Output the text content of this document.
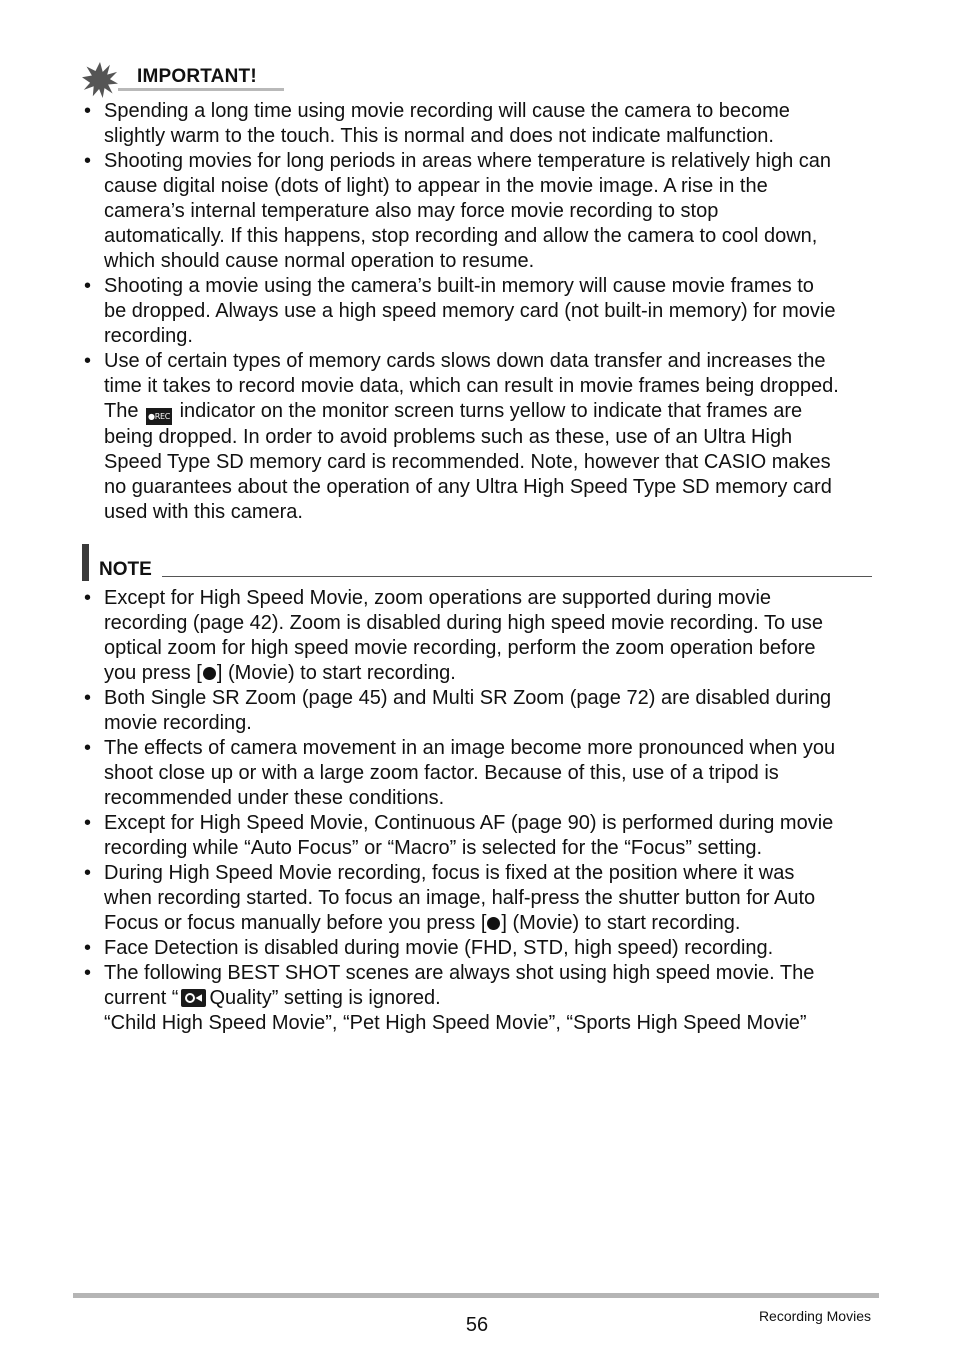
IMPORTANT!
• Spending a long time using movie recording will cause the camera to become
slightly warm to the touch. This is normal and does not indicate malfunction.
• Shooting movies for long periods in areas where temperature is relatively high can
cause digital noise (dots of light) to appear in the movie image. A rise in the
camera’s internal temperature also may force movie recording to stop
automatically. If this happens, stop recording and allow the camera to cool down,
which should cause normal operation to resume.
• Shooting a movie using the camera’s built-in memory will cause movie frames to
be dropped. Always use a high speed memory card (not built-in memory) for movie
recording.
• Use of certain types of memory cards slows down data transfer and increases the
time it takes to record movie data, which can result in movie frames being dropped.
The ●REC indicator on the monitor screen turns yellow to indicate that frames are
being dropped. In order to avoid problems such as these, use of an Ultra High
Speed Type SD memory card is recommended. Note, however that CASIO makes
no guarantees about the operation of any Ultra High Speed Type SD memory card
used with this camera.
NOTE
• Except for High Speed Movie, zoom operations are supported during movie
recording (page 42). Zoom is disabled during high speed movie recording. To use
optical zoom for high speed movie recording, perform the zoom operation before
you press [ ] (Movie) to start recording.
• Both Single SR Zoom (page 45) and Multi SR Zoom (page 72) are disabled during
movie recording.
• The effects of camera movement in an image become more pronounced when you
shoot close up or with a large zoom factor. Because of this, use of a tripod is
recommended under these conditions.
• Except for High Speed Movie, Continuous AF (page 90) is performed during movie
recording while “Auto Focus” or “Macro” is selected for the “Focus” setting.
• During High Speed Movie recording, focus is fixed at the position where it was
when recording started. To focus an image, half-press the shutter button for Auto
Focus or focus manually before you press [ ] (Movie) to start recording.
• Face Detection is disabled during movie (FHD, STD, high speed) recording.
• The following BEST SHOT scenes are always shot using high speed movie. The
current “ Quality” setting is ignored.
“Child High Speed Movie”, “Pet High Speed Movie”, “Sports High Speed Movie”
56	Recording Movies
